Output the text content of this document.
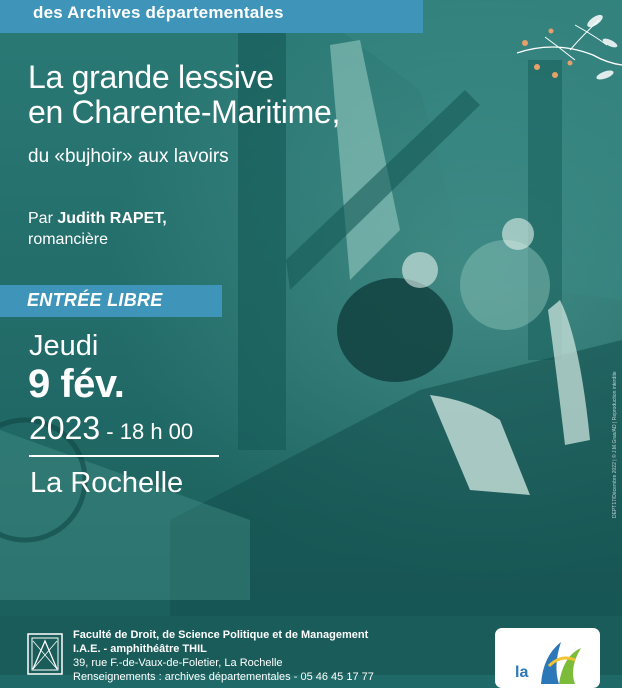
des Archives départementales
La grande lessive
en Charente-Maritime,
du «bujhoir» aux lavoirs
Par Judith RAPET,
romancière
ENTRÉE LIBRE
Jeudi
9 fév.
2023 - 18 h 00
La Rochelle	DEPT17/Décembre 2022 | © J.M.Gras/AD | Reproduction interdite
Faculté de Droit, de Science Politique et de Management
I.A.E. - amphithéâtre THIL
39, rue F.-de-Vaux-de-Foletier, La Rochelle
Renseignements : archives départementales - 05 46 45 17 77	la
